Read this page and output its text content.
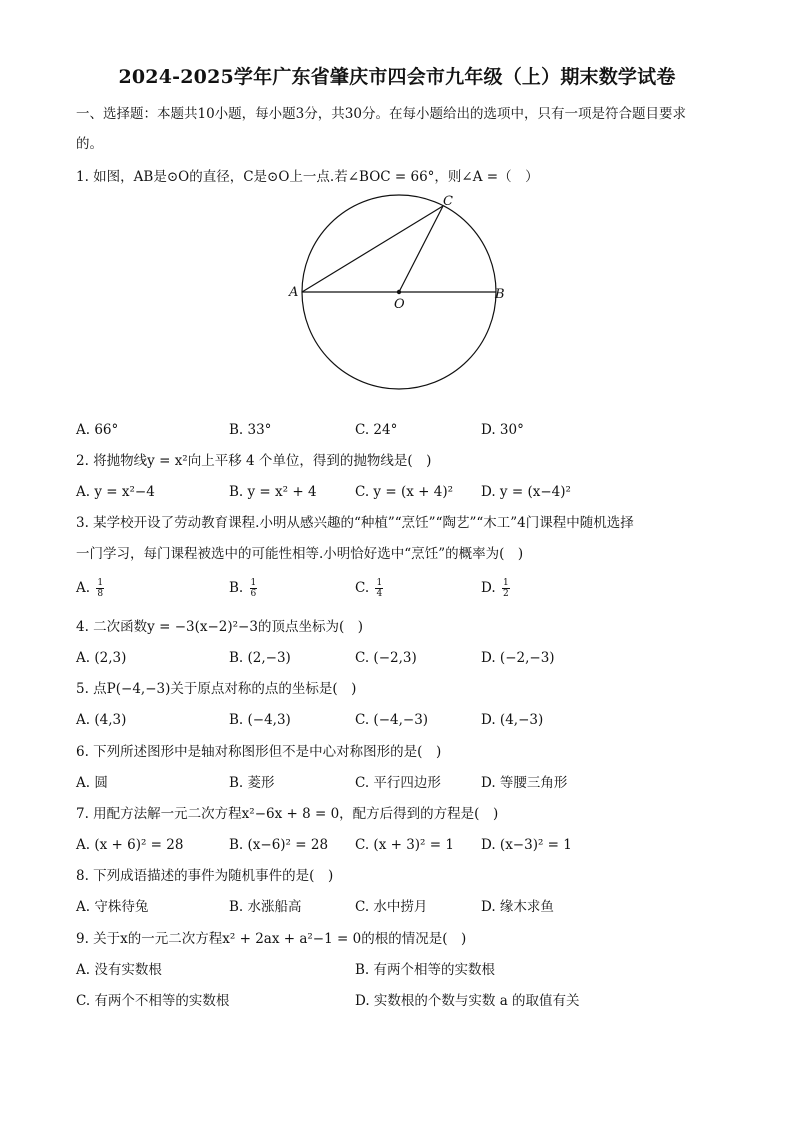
2024-2025学年广东省肇庆市四会市九年级（上）期末数学试卷
一、选择题：本题共10小题，每小题3分，共30分。在每小题给出的选项中，只有一项是符合题目要求
的。
1. 如图，AB是⊙O的直径，C是⊙O上一点.若∠BOC = 66°，则∠A =（　）
A	B
C
O
A. 66°	B. 33°	C. 24°	D. 30°
2. 将抛物线y = x²向上平移 4 个单位，得到的抛物线是(　)
A. y = x²−4	B. y = x² + 4	C. y = (x + 4)² D. y = (x−4)²
3. 某学校开设了劳动教育课程.小明从感兴趣的“种植”“烹饪”“陶艺”“木工”4门课程中随机选择
一门学习，每门课程被选中的可能性相等.小明恰好选中“烹饪”的概率为(　)
A. $\frac{1}{8}$	B. $\frac{1}{6}$	C. $\frac{1}{4}$	D. $\frac{1}{2}$
4. 二次函数y = −3(x−2)²−3的顶点坐标为(　)
A. (2,3)	B. (2,−3)	C. (−2,3)	D. (−2,−3)
5. 点P(−4,−3)关于原点对称的点的坐标是(　)
A. (4,3)	B. (−4,3)	C. (−4,−3)	D. (4,−3)
6. 下列所述图形中是轴对称图形但不是中心对称图形的是(　)
A. 圆	B. 菱形	C. 平行四边形	D. 等腰三角形
7. 用配方法解一元二次方程x²−6x + 8 = 0，配方后得到的方程是(　)
A. (x + 6)² = 28	B. (x−6)² = 28 C. (x + 3)² = 1 D. (x−3)² = 1
8. 下列成语描述的事件为随机事件的是(　)
A. 守株待兔	B. 水涨船高	C. 水中捞月	D. 缘木求鱼
9. 关于x的一元二次方程x² + 2ax + a²−1 = 0的根的情况是(　)
A. 没有实数根	B. 有两个相等的实数根
C. 有两个不相等的实数根	D. 实数根的个数与实数 a 的取值有关
